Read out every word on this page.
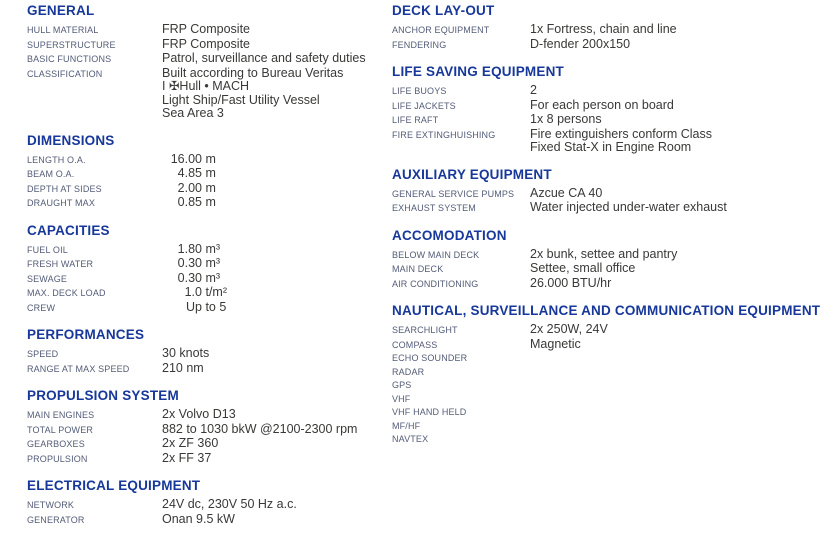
GENERAL
HULL MATERIAL	FRP Composite
SUPERSTRUCTURE	FRP Composite
BASIC FUNCTIONS	Patrol, surveillance and safety duties
CLASSIFICATION	Built according to Bureau Veritas
I ✠Hull • MACH
Light Ship/Fast Utility Vessel
Sea Area 3
DIMENSIONS
LENGTH O.A.	16.00 m
BEAM O.A.	4.85 m
DEPTH AT SIDES	2.00 m
DRAUGHT MAX	0.85 m
CAPACITIES
FUEL OIL	1.80 m³
FRESH WATER	0.30 m³
SEWAGE	0.30 m³
MAX. DECK LOAD	1.0 t/m²
CREW	Up to 5
PERFORMANCES
SPEED	30 knots
RANGE AT MAX SPEED	210 nm
PROPULSION SYSTEM
MAIN ENGINES	2x Volvo D13
TOTAL POWER	882 to 1030 bkW @2100-2300 rpm
GEARBOXES	2x ZF 360
PROPULSION	2x FF 37
ELECTRICAL EQUIPMENT
NETWORK	24V dc, 230V 50 Hz a.c.
GENERATOR	Onan 9.5 kW
DECK LAY-OUT
ANCHOR EQUIPMENT	1x Fortress, chain and line
FENDERING	D-fender 200x150
LIFE SAVING EQUIPMENT
LIFE BUOYS	2
LIFE JACKETS	For each person on board
LIFE RAFT	1x 8 persons
FIRE EXTINGHUISHING	Fire extinguishers conform Class
Fixed Stat-X in Engine Room
AUXILIARY EQUIPMENT
GENERAL SERVICE PUMPS	Azcue CA 40
EXHAUST SYSTEM	Water injected under-water exhaust
ACCOMODATION
BELOW MAIN DECK	2x bunk, settee and pantry
MAIN DECK	Settee, small office
AIR CONDITIONING	26.000 BTU/hr
NAUTICAL, SURVEILLANCE AND COMMUNICATION EQUIPMENT
SEARCHLIGHT	2x 250W, 24V
COMPASS	Magnetic
ECHO SOUNDER
RADAR
GPS
VHF
VHF HAND HELD
MF/HF
NAVTEX
